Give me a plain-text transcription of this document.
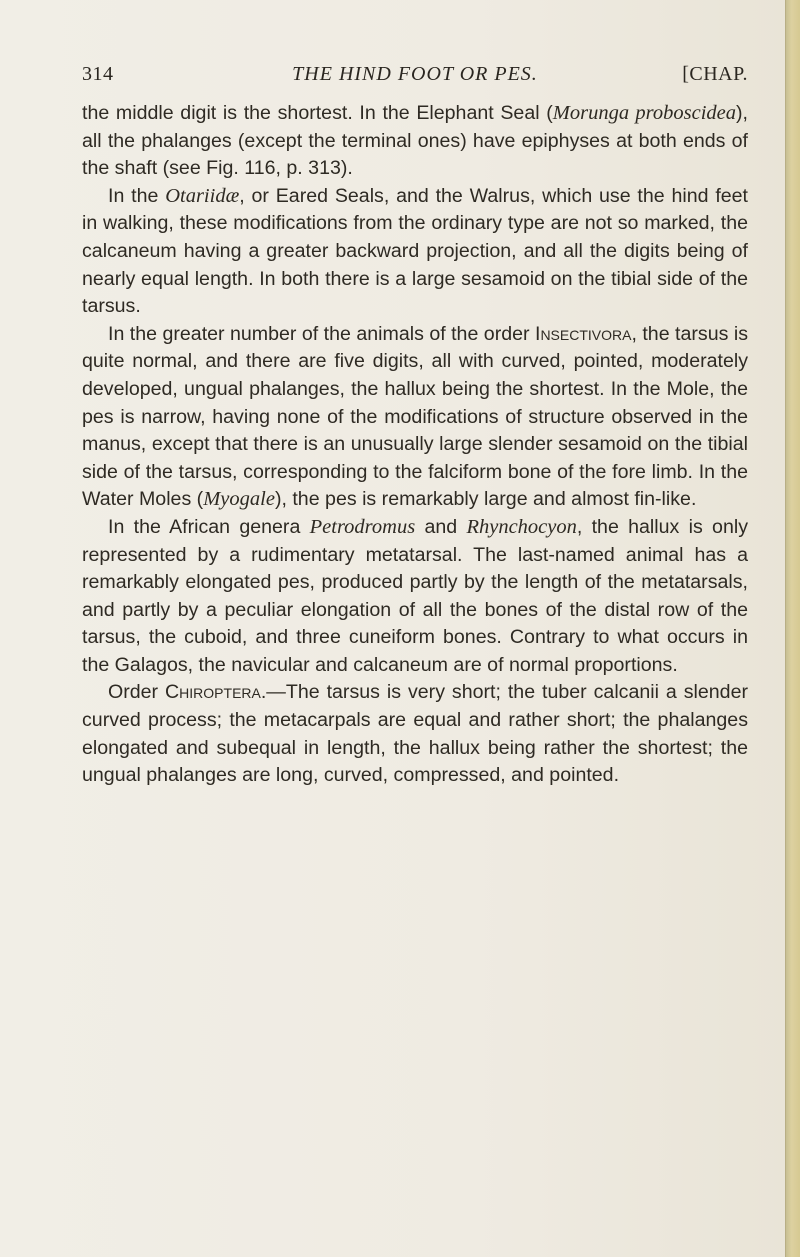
314	THE HIND FOOT OR PES.	[CHAP.

the middle digit is the shortest. In the Elephant Seal (Morunga proboscidea), all the phalanges (except the terminal ones) have epiphyses at both ends of the shaft (see Fig. 116, p. 313).

In the Otariidæ, or Eared Seals, and the Walrus, which use the hind feet in walking, these modifications from the ordinary type are not so marked, the calcaneum having a greater backward projection, and all the digits being of nearly equal length. In both there is a large sesamoid on the tibial side of the tarsus.

In the greater number of the animals of the order Insectivora, the tarsus is quite normal, and there are five digits, all with curved, pointed, moderately developed, ungual phalanges, the hallux being the shortest. In the Mole, the pes is narrow, having none of the modifications of structure observed in the manus, except that there is an unusually large slender sesamoid on the tibial side of the tarsus, corresponding to the falciform bone of the fore limb. In the Water Moles (Myogale), the pes is remarkably large and almost fin-like.

In the African genera Petrodromus and Rhynchocyon, the hallux is only represented by a rudimentary metatarsal. The last-named animal has a remarkably elongated pes, produced partly by the length of the metatarsals, and partly by a peculiar elongation of all the bones of the distal row of the tarsus, the cuboid, and three cuneiform bones. Contrary to what occurs in the Galagos, the navicular and calcaneum are of normal proportions.

Order Chiroptera.—The tarsus is very short; the tuber calcanii a slender curved process; the metacarpals are equal and rather short; the phalanges elongated and subequal in length, the hallux being rather the shortest; the ungual phalanges are long, curved, compressed, and pointed.
